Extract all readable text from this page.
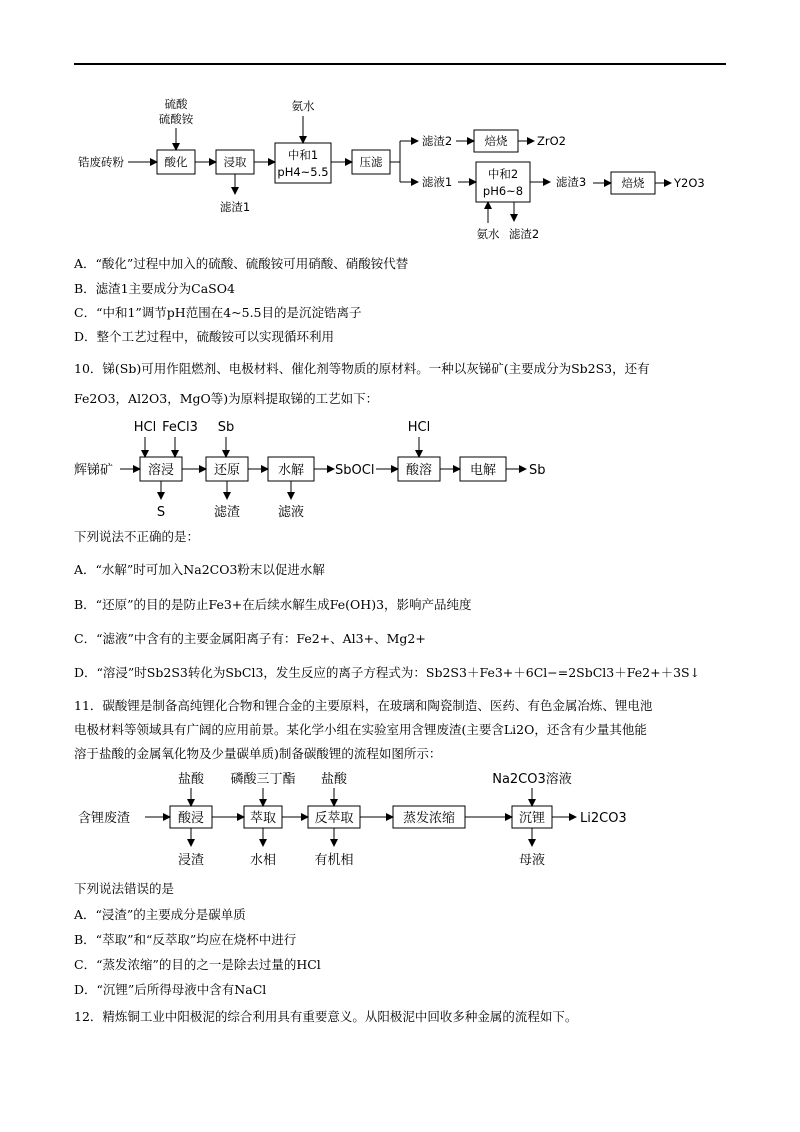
锆废砖粉
硫酸
硫酸铵
酸化	浸取
滤渣1
氨水
中和1
pH4~5.5
压滤
滤渣2	焙烧	ZrO2
滤液1
中和2
pH6~8
滤渣3	焙烧	Y2O3
氨水 滤渣2
A．“酸化”过程中加入的硫酸、硫酸铵可用硝酸、硝酸铵代替
B．滤渣1主要成分为CaSO4
C．“中和1”调节pH范围在4~5.5目的是沉淀锆离子
D．整个工艺过程中，硫酸铵可以实现循环利用
10．锑(Sb)可用作阻燃剂、电极材料、催化剂等物质的原材料。一种以灰锑矿(主要成分为Sb2S3，还有
Fe2O3，Al2O3，MgO等)为原料提取锑的工艺如下：
辉锑矿
HCl FeCl3 Sb
溶浸	还原	水解 SbOCl
HCl
酸溶	电解	Sb
S	滤渣	滤液
下列说法不正确的是：
A．“水解”时可加入Na2CO3粉末以促进水解
B．“还原”的目的是防止Fe3+在后续水解生成Fe(OH)3，影响产品纯度
C．“滤液”中含有的主要金属阳离子有：Fe2+、Al3+、Mg2+
D．“溶浸”时Sb2S3转化为SbCl3，发生反应的离子方程式为：Sb2S3＋Fe3+＋6Cl−=2SbCl3＋Fe2+＋3S↓
11．碳酸锂是制备高纯锂化合物和锂合金的主要原料，在玻璃和陶瓷制造、医药、有色金属冶炼、锂电池
电极材料等领域具有广阔的应用前景。某化学小组在实验室用含锂废渣(主要含Li2O，还含有少量其他能
溶于盐酸的金属氧化物及少量碳单质)制备碳酸锂的流程如图所示：
含锂废渣
盐酸 磷酸三丁酯 盐酸	Na2CO3溶液
酸浸	萃取	反萃取	蒸发浓缩	沉锂	Li2CO3
浸渣	水相	有机相	母液
下列说法错误的是
A．“浸渣”的主要成分是碳单质
B．“萃取”和“反萃取”均应在烧杯中进行
C．“蒸发浓缩”的目的之一是除去过量的HCl
D．“沉锂”后所得母液中含有NaCl
12．精炼铜工业中阳极泥的综合利用具有重要意义。从阳极泥中回收多种金属的流程如下。
